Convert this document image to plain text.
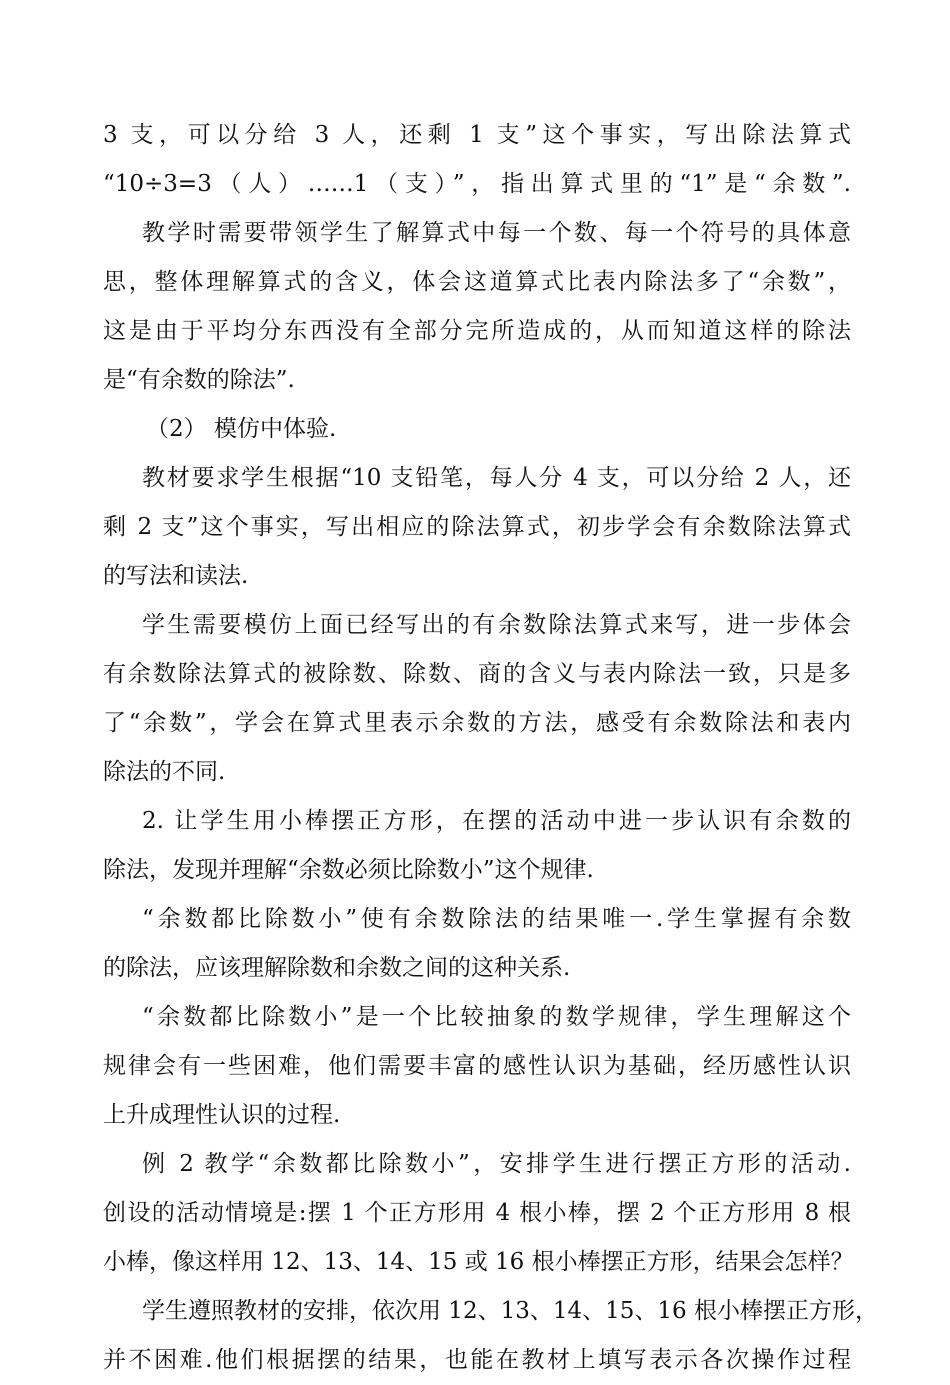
3 支，可以分给 3 人，还剩 1 支”这个事实，写出除法算式
“10÷3=3（人）……1（支）”，指出算式里的“1”是“余数”.
教学时需要带领学生了解算式中每一个数、每一个符号的具体意
思，整体理解算式的含义，体会这道算式比表内除法多了“余数”，
这是由于平均分东西没有全部分完所造成的，从而知道这样的除法
是“有余数的除法”.
（2） 模仿中体验.
教材要求学生根据“10 支铅笔，每人分 4 支，可以分给 2 人，还
剩 2 支”这个事实，写出相应的除法算式，初步学会有余数除法算式
的写法和读法.
学生需要模仿上面已经写出的有余数除法算式来写，进一步体会
有余数除法算式的被除数、除数、商的含义与表内除法一致，只是多
了“余数”，学会在算式里表示余数的方法，感受有余数除法和表内
除法的不同.
2. 让学生用小棒摆正方形，在摆的活动中进一步认识有余数的
除法，发现并理解“余数必须比除数小”这个规律.
“余数都比除数小”使有余数除法的结果唯一.学生掌握有余数
的除法，应该理解除数和余数之间的这种关系.
“余数都比除数小”是一个比较抽象的数学规律，学生理解这个
规律会有一些困难，他们需要丰富的感性认识为基础，经历感性认识
上升成理性认识的过程.
例 2 教学“余数都比除数小”，安排学生进行摆正方形的活动.
创设的活动情境是:摆 1 个正方形用 4 根小棒，摆 2 个正方形用 8 根
小棒，像这样用 12、13、14、15 或 16 根小棒摆正方形，结果会怎样？
学生遵照教材的安排，依次用 12、13、14、15、16 根小棒摆正方形，
并不困难.他们根据摆的结果，也能在教材上填写表示各次操作过程
